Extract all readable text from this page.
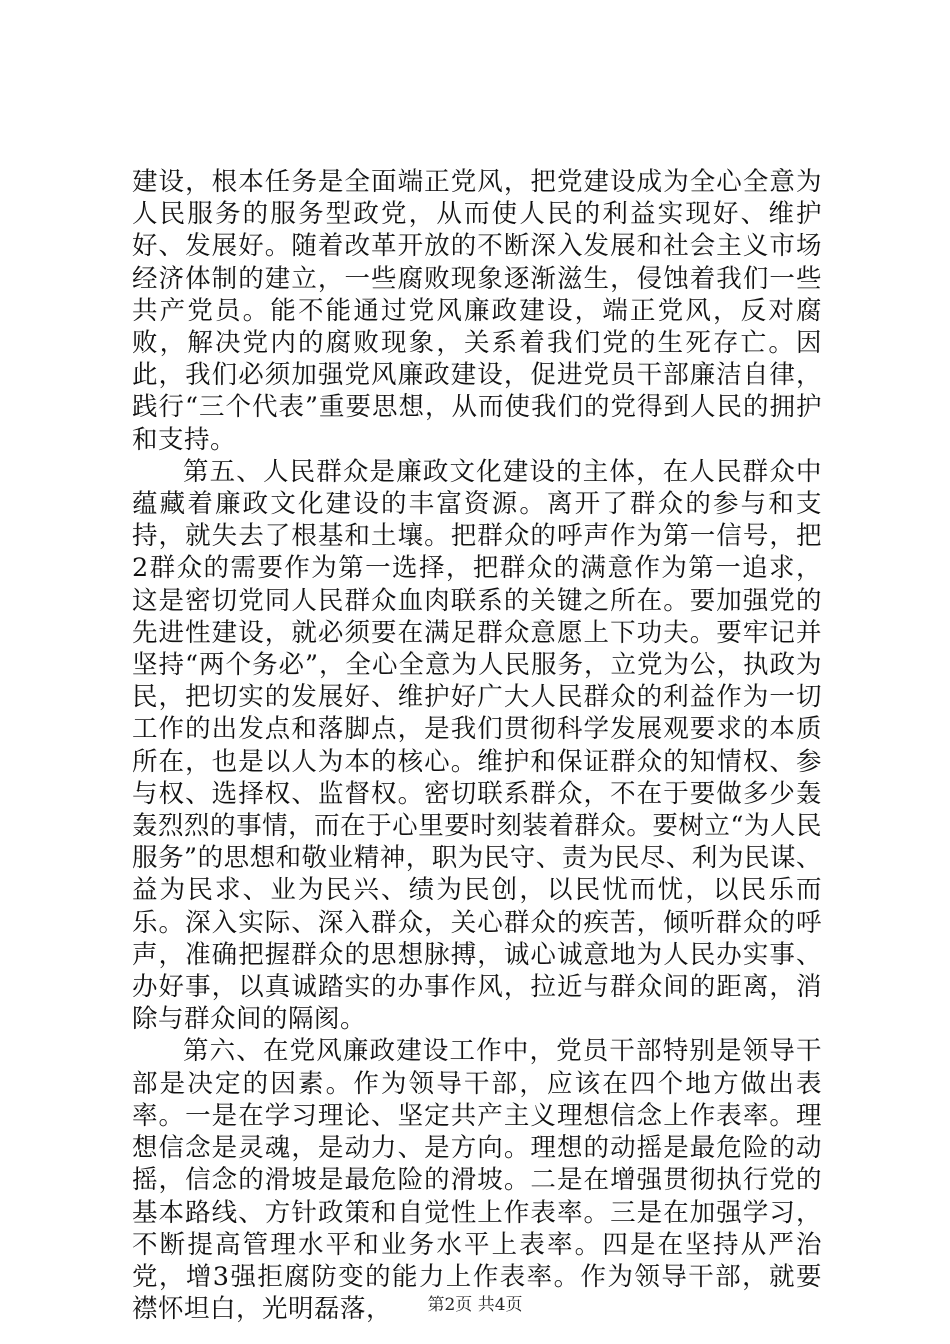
建设，根本任务是全面端正党风，把党建设成为全心全意为人民服务的服务型政党，从而使人民的利益实现好、维护好、发展好。随着改革开放的不断深入发展和社会主义市场经济体制的建立，一些腐败现象逐渐滋生，侵蚀着我们一些共产党员。能不能通过党风廉政建设，端正党风，反对腐败，解决党内的腐败现象，关系着我们党的生死存亡。因此，我们必须加强党风廉政建设，促进党员干部廉洁自律，践行“三个代表”重要思想，从而使我们的党得到人民的拥护和支持。

第五、人民群众是廉政文化建设的主体，在人民群众中蕴藏着廉政文化建设的丰富资源。离开了群众的参与和支持，就失去了根基和土壤。把群众的呼声作为第一信号，把2群众的需要作为第一选择，把群众的满意作为第一追求，这是密切党同人民群众血肉联系的关键之所在。要加强党的先进性建设，就必须要在满足群众意愿上下功夫。要牢记并坚持“两个务必”，全心全意为人民服务，立党为公，执政为民，把切实的发展好、维护好广大人民群众的利益作为一切工作的出发点和落脚点，是我们贯彻科学发展观要求的本质所在，也是以人为本的核心。维护和保证群众的知情权、参与权、选择权、监督权。密切联系群众，不在于要做多少轰轰烈烈的事情，而在于心里要时刻装着群众。要树立“为人民服务”的思想和敬业精神，职为民守、责为民尽、利为民谋、益为民求、业为民兴、绩为民创，以民忧而忧，以民乐而乐。深入实际、深入群众，关心群众的疾苦，倾听群众的呼声，准确把握群众的思想脉搏，诚心诚意地为人民办实事、办好事，以真诚踏实的办事作风，拉近与群众间的距离，消除与群众间的隔阂。

第六、在党风廉政建设工作中，党员干部特别是领导干部是决定的因素。作为领导干部，应该在四个地方做出表率。一是在学习理论、坚定共产主义理想信念上作表率。理想信念是灵魂，是动力、是方向。理想的动摇是最危险的动摇，信念的滑坡是最危险的滑坡。二是在增强贯彻执行党的基本路线、方针政策和自觉性上作表率。三是在加强学习，不断提高管理水平和业务水平上表率。四是在坚持从严治党，增3强拒腐防变的能力上作表率。作为领导干部，就要襟怀坦白，光明磊落，	第2页 共4页
